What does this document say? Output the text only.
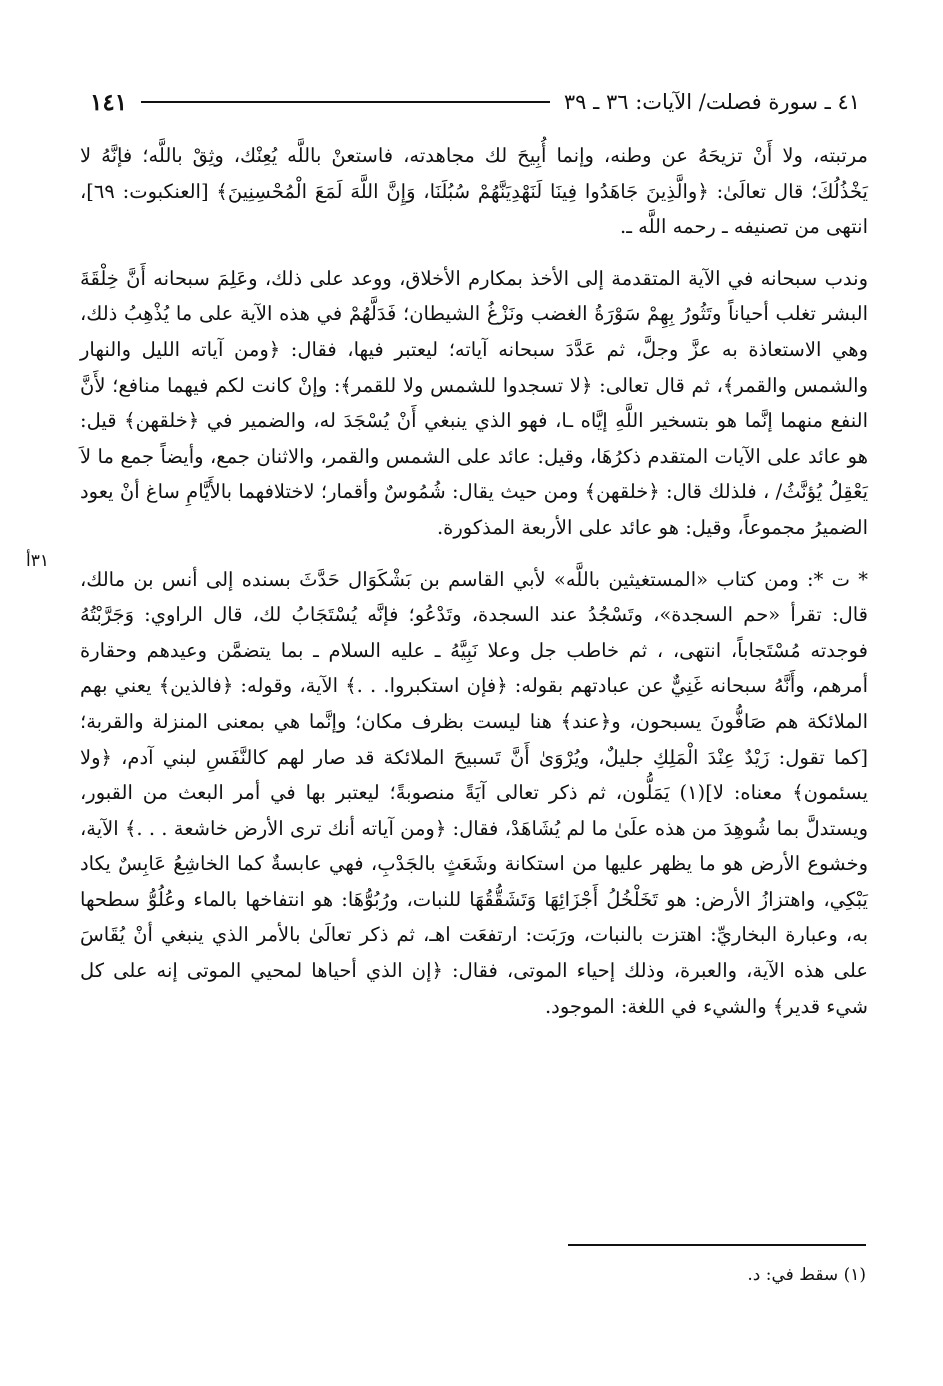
٤١ ـ سورة فصلت/ الآيات: ٣٦ ـ ٣٩
١٤١

مرتبته، ولا أَنْ تزيحَهُ عن وطنه، وإنما أُبِيحَ لك مجاهدته، فاستعنْ باللَّه يُعِنْك، وثِقْ باللَّه؛ فإنَّهُ لا يَخْذُلُكَ؛ قال تعالَىٰ: ﴿والَّذِينَ جَاهَدُوا فِينَا لَنَهْدِيَنَّهُمْ سُبُلَنَا، وَإِنَّ اللَّهَ لَمَعَ الْمُحْسِنِينَ﴾ [العنكبوت: ٦٩]، انتهى من تصنيفه ـ رحمه اللَّه ـ.

وندب سبحانه في الآية المتقدمة إلى الأخذ بمكارم الأخلاق، ووعد على ذلك، وعَلِمَ سبحانه أَنَّ خِلْقَةَ البشر تغلب أحياناً وتَثُورُ بِهِمْ سَوْرَةُ الغضب ونَزْغُ الشيطان؛ فَدَلَّهُمْ في هذه الآية على ما يُذْهِبُ ذلك، وهي الاستعاذة به عزَّ وجلَّ، ثم عَدَّدَ سبحانه آياته؛ ليعتبر فيها، فقال: ﴿ومن آياته الليل والنهار والشمس والقمر﴾، ثم قال تعالى: ﴿لا تسجدوا للشمس ولا للقمر﴾: وإنْ كانت لكم فيهما منافع؛ لأَنَّ النفع منهما إنَّما هو بتسخير اللَّهِ إيَّاه ـا، فهو الذي ينبغي أَنْ يُسْجَدَ له، والضمير في ﴿خلقهن﴾ قيل: هو عائد على الآيات المتقدم ذكرُهَا، وقيل: عائد على الشمس والقمر، والاثنان جمع، وأيضاً جمع ما لاَ يَعْقِلُ يُؤنَّثُ/ ، فلذلك قال: ﴿خلقهن﴾ ومن حيث يقال: شُمُوسٌ وأقمار؛ لاختلافهما بالأَيَّامِ ساغ أنْ يعود الضميرُ مجموعاً، وقيل: هو عائد على الأربعة المذكورة.

* ت *: ومن كتاب «المستغيثين باللَّه» لأبي القاسم بن بَشْكَوَال حَدَّثَ بسنده إلى أنس بن مالك، قال: تقرأ «حم السجدة»، وتَسْجُدُ عند السجدة، وتَدْعُو؛ فإنَّه يُسْتَجَابُ لك، قال الراوي: وَجَرَّبْتُهُ فوجدته مُسْتَجاباً، انتهى، ، ثم خاطب جل وعلا نَبِيَّهُ ـ عليه السلام ـ بما يتضمَّن وعيدهم وحقارة أمرهم، وأَنَّهُ سبحانه غَنِيٌّ عن عبادتهم بقوله: ﴿فإن استكبروا. . .﴾ الآية، وقوله: ﴿فالذين﴾ يعني بهم الملائكة هم صَافُّونَ يسبحون، و﴿عند﴾ هنا ليست بظرف مكان؛ وإنَّما هي بمعنى المنزلة والقربة؛ [كما تقول: زَيْدٌ عِنْدَ الْمَلِكِ جليلٌ، ويُرْوَىٰ أَنَّ تَسبيحَ الملائكة قد صار لهم كالنَّفَسِ لبني آدم، ﴿ولا يسئمون﴾ معناه: لا](١) يَمَلُّون، ثم ذكر تعالى آيَةً منصوبةً؛ ليعتبر بها في أمر البعث من القبور، ويستدلَّ بما شُوهِدَ من هذه علَىٰ ما لم يُشَاهَدْ، فقال: ﴿ومن آياته أنك ترى الأرض خاشعة . . .﴾ الآية، وخشوع الأرض هو ما يظهر عليها من استكانة وشَعَثٍ بالجَدْبِ، فهي عابسةٌ كما الخاشِعُ عَابِسٌ يكاد يَبْكِي، واهتزازُ الأرض: هو تَخَلْخُلُ أَجْزَائِهَا وَتَشَقُّقُهَا للنبات، ورُبُوُّهَا: هو انتفاخها بالماء وعُلُوُّ سطحها به، وعبارة البخاريِّ: اهتزت بالنبات، ورَبَت: ارتفعَت اهـ، ثم ذكر تعالَىٰ بالأمر الذي ينبغي أنْ يُقَاسَ على هذه الآية، والعبرة، وذلك إحياء الموتى، فقال: ﴿إن الذي أحياها لمحيي الموتى إنه على كل شيء قدير﴾ والشيء في اللغة: الموجود.

٣١أ
(١) سقط في: د.
